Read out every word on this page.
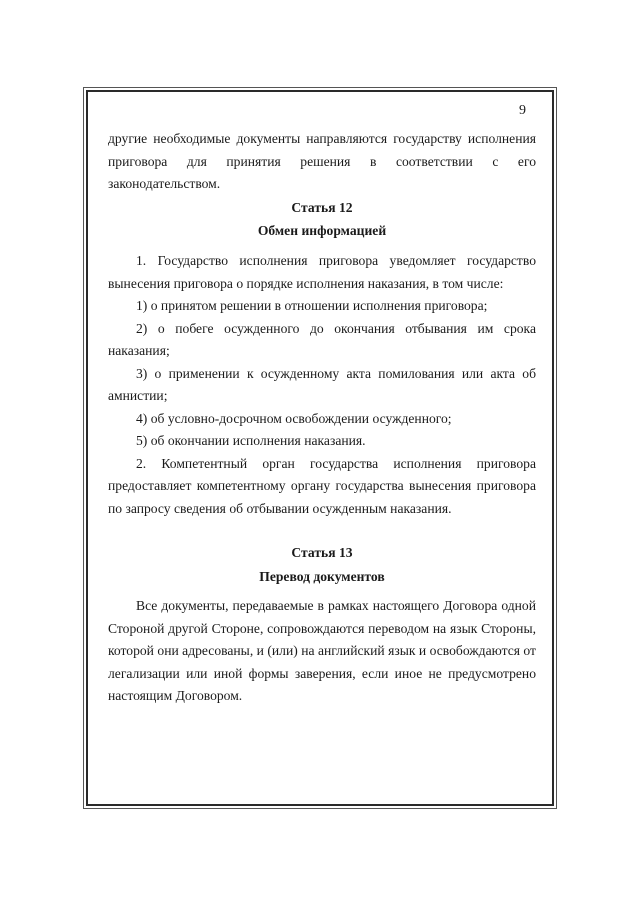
9

другие необходимые документы направляются государству исполнения приговора для принятия решения в соответствии с его законодательством.

Статья 12
Обмен информацией

1. Государство исполнения приговора уведомляет государство вынесения приговора о порядке исполнения наказания, в том числе:

1) о принятом решении в отношении исполнения приговора;

2) о побеге осужденного до окончания отбывания им срока наказания;

3) о применении к осужденному акта помилования или акта об амнистии;

4) об условно-досрочном освобождении осужденного;

5) об окончании исполнения наказания.

2. Компетентный орган государства исполнения приговора предоставляет компетентному органу государства вынесения приговора по запросу сведения об отбывании осужденным наказания.

Статья 13
Перевод документов

Все документы, передаваемые в рамках настоящего Договора одной Стороной другой Стороне, сопровождаются переводом на язык Стороны, которой они адресованы, и (или) на английский язык и освобождаются от легализации или иной формы заверения, если иное не предусмотрено настоящим Договором.
